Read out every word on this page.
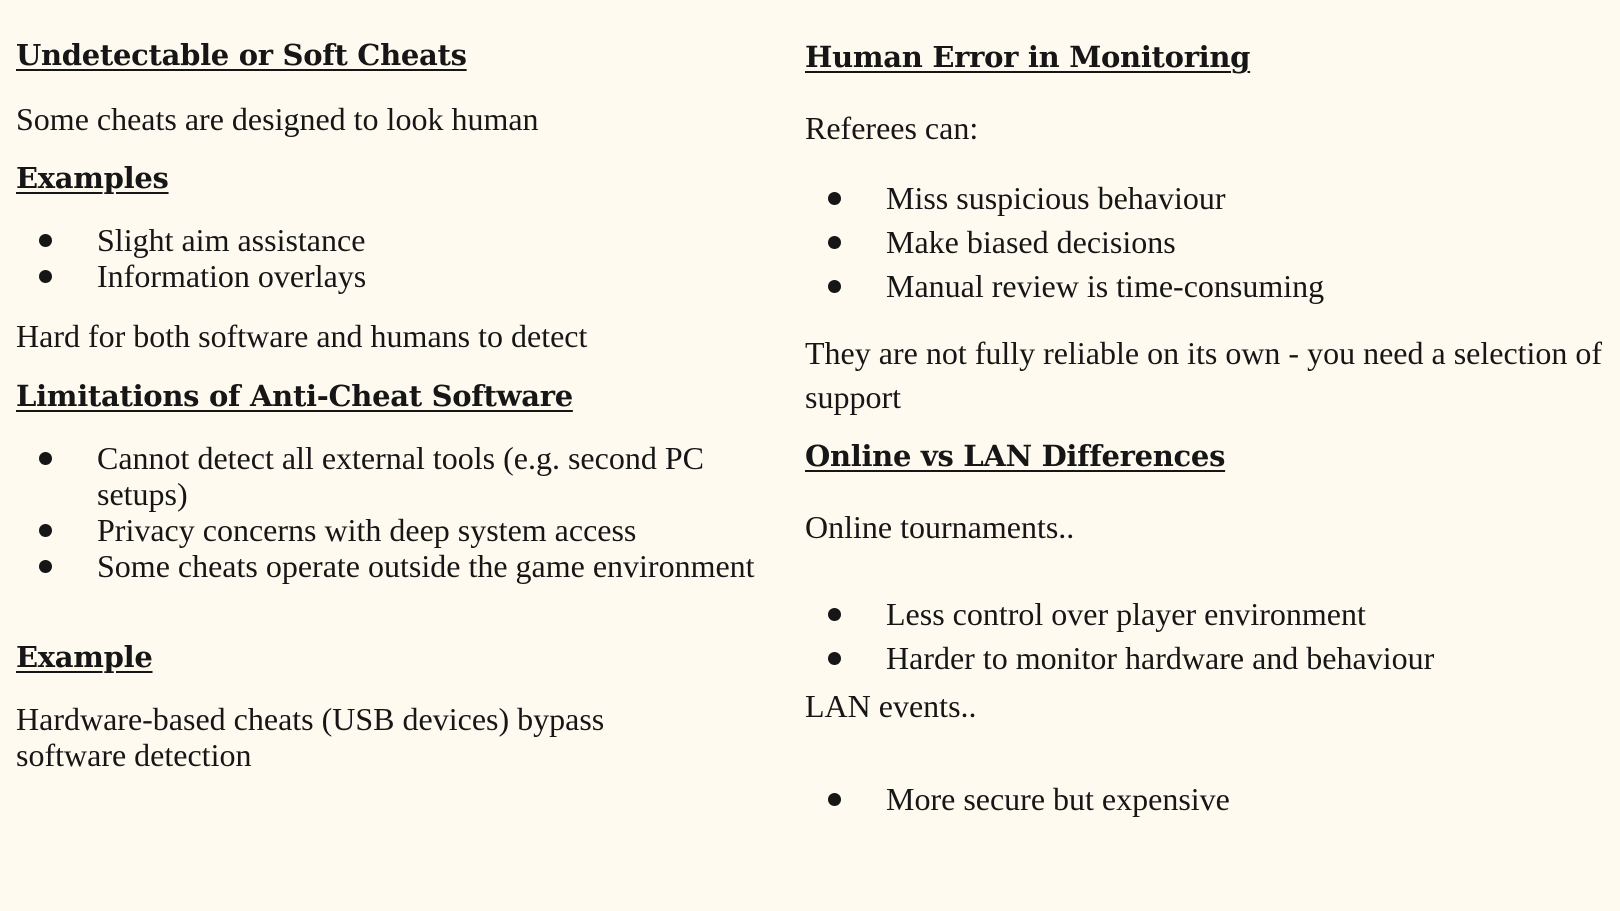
Undetectable or Soft Cheats

Some cheats are designed to look human

Examples
Slight aim assistance
Information overlays

Hard for both software and humans to detect

Limitations of Anti-Cheat Software
Cannot detect all external tools (e.g. second PC setups)
Privacy concerns with deep system access
Some cheats operate outside the game environment
Example

Hardware-based cheats (USB devices) bypass software detection

Human Error in Monitoring

Referees can:

Miss suspicious behaviour
Make biased decisions
Manual review is time-consuming

They are not fully reliable on its own - you need a selection of support

Online vs LAN Differences

Online tournaments..

Less control over player environment
Harder to monitor hardware and behaviour

LAN events..

More secure but expensive
